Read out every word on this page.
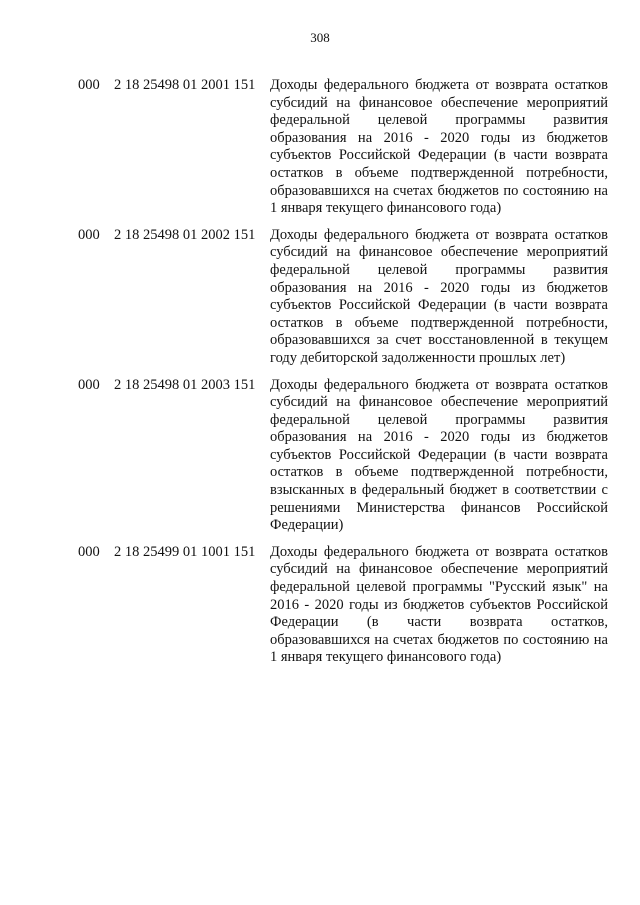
308
000 2 18 25498 01 2001 151	Доходы федерального бюджета от возврата остатков субсидий на финансовое обеспечение мероприятий федеральной целевой программы развития образования на 2016 - 2020 годы из бюджетов субъектов Российской Федерации (в части возврата остатков в объеме подтвержденной потребности, образовавшихся на счетах бюджетов по состоянию на 1 января текущего финансового года)
000 2 18 25498 01 2002 151	Доходы федерального бюджета от возврата остатков субсидий на финансовое обеспечение мероприятий федеральной целевой программы развития образования на 2016 - 2020 годы из бюджетов субъектов Российской Федерации (в части возврата остатков в объеме подтвержденной потребности, образовавшихся за счет восстановленной в текущем году дебиторской задолженности прошлых лет)
000 2 18 25498 01 2003 151	Доходы федерального бюджета от возврата остатков субсидий на финансовое обеспечение мероприятий федеральной целевой программы развития образования на 2016 - 2020 годы из бюджетов субъектов Российской Федерации (в части возврата остатков в объеме подтвержденной потребности, взысканных в федеральный бюджет в соответствии с решениями Министерства финансов Российской Федерации)
000 2 18 25499 01 1001 151	Доходы федерального бюджета от возврата остатков субсидий на финансовое обеспечение мероприятий федеральной целевой программы "Русский язык" на 2016 - 2020 годы из бюджетов субъектов Российской Федерации (в части возврата остатков, образовавшихся на счетах бюджетов по состоянию на 1 января текущего финансового года)
